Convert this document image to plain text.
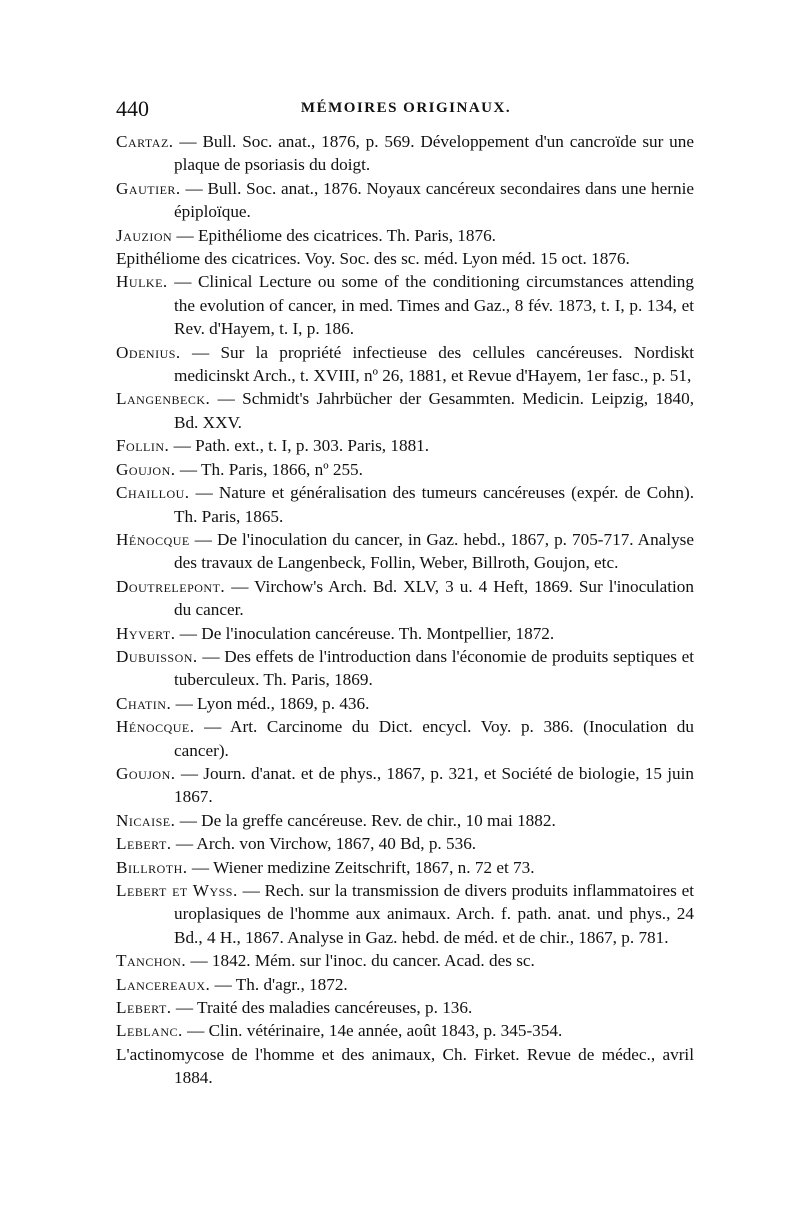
440	MÉMOIRES ORIGINAUX.
Cartaz. — Bull. Soc. anat., 1876, p. 569. Développement d'un cancroïde sur une plaque de psoriasis du doigt.
Gautier. — Bull. Soc. anat., 1876. Noyaux cancéreux secondaires dans une hernie épiploïque.
Jauzion — Epithéliome des cicatrices. Th. Paris, 1876.
Epithéliome des cicatrices. Voy. Soc. des sc. méd. Lyon méd. 15 oct. 1876.
Hulke. — Clinical Lecture ou some of the conditioning circumstances attending the evolution of cancer, in med. Times and Gaz., 8 fév. 1873, t. I, p. 134, et Rev. d'Hayem, t. I, p. 186.
Odenius. — Sur la propriété infectieuse des cellules cancéreuses. Nordiskt medicinskt Arch., t. XVIII, nº 26, 1881, et Revue d'Hayem, 1er fasc., p. 51,
Langenbeck. — Schmidt's Jahrbücher der Gesammten. Medicin. Leipzig, 1840, Bd. XXV.
Follin. — Path. ext., t. I, p. 303. Paris, 1881.
Goujon. — Th. Paris, 1866, nº 255.
Chaillou. — Nature et généralisation des tumeurs cancéreuses (expér. de Cohn). Th. Paris, 1865.
Hénocque — De l'inoculation du cancer, in Gaz. hebd., 1867, p. 705-717. Analyse des travaux de Langenbeck, Follin, Weber, Billroth, Goujon, etc.
Doutrelepont. — Virchow's Arch. Bd. XLV, 3 u. 4 Heft, 1869. Sur l'inoculation du cancer.
Hyvert. — De l'inoculation cancéreuse. Th. Montpellier, 1872.
Dubuisson. — Des effets de l'introduction dans l'économie de produits septiques et tuberculeux. Th. Paris, 1869.
Chatin. — Lyon méd., 1869, p. 436.
Hénocque. — Art. Carcinome du Dict. encycl. Voy. p. 386. (Inoculation du cancer).
Goujon. — Journ. d'anat. et de phys., 1867, p. 321, et Société de biologie, 15 juin 1867.
Nicaise. — De la greffe cancéreuse. Rev. de chir., 10 mai 1882.
Lebert. — Arch. von Virchow, 1867, 40 Bd, p. 536.
Billroth. — Wiener medizine Zeitschrift, 1867, n. 72 et 73.
Lebert et Wyss. — Rech. sur la transmission de divers produits inflammatoires et uroplasiques de l'homme aux animaux. Arch. f. path. anat. und phys., 24 Bd., 4 H., 1867. Analyse in Gaz. hebd. de méd. et de chir., 1867, p. 781.
Tanchon. — 1842. Mém. sur l'inoc. du cancer. Acad. des sc.
Lancereaux. — Th. d'agr., 1872.
Lebert. — Traité des maladies cancéreuses, p. 136.
Leblanc. — Clin. vétérinaire, 14e année, août 1843, p. 345-354.
L'actinomycose de l'homme et des animaux, Ch. Firket. Revue de médec., avril 1884.
